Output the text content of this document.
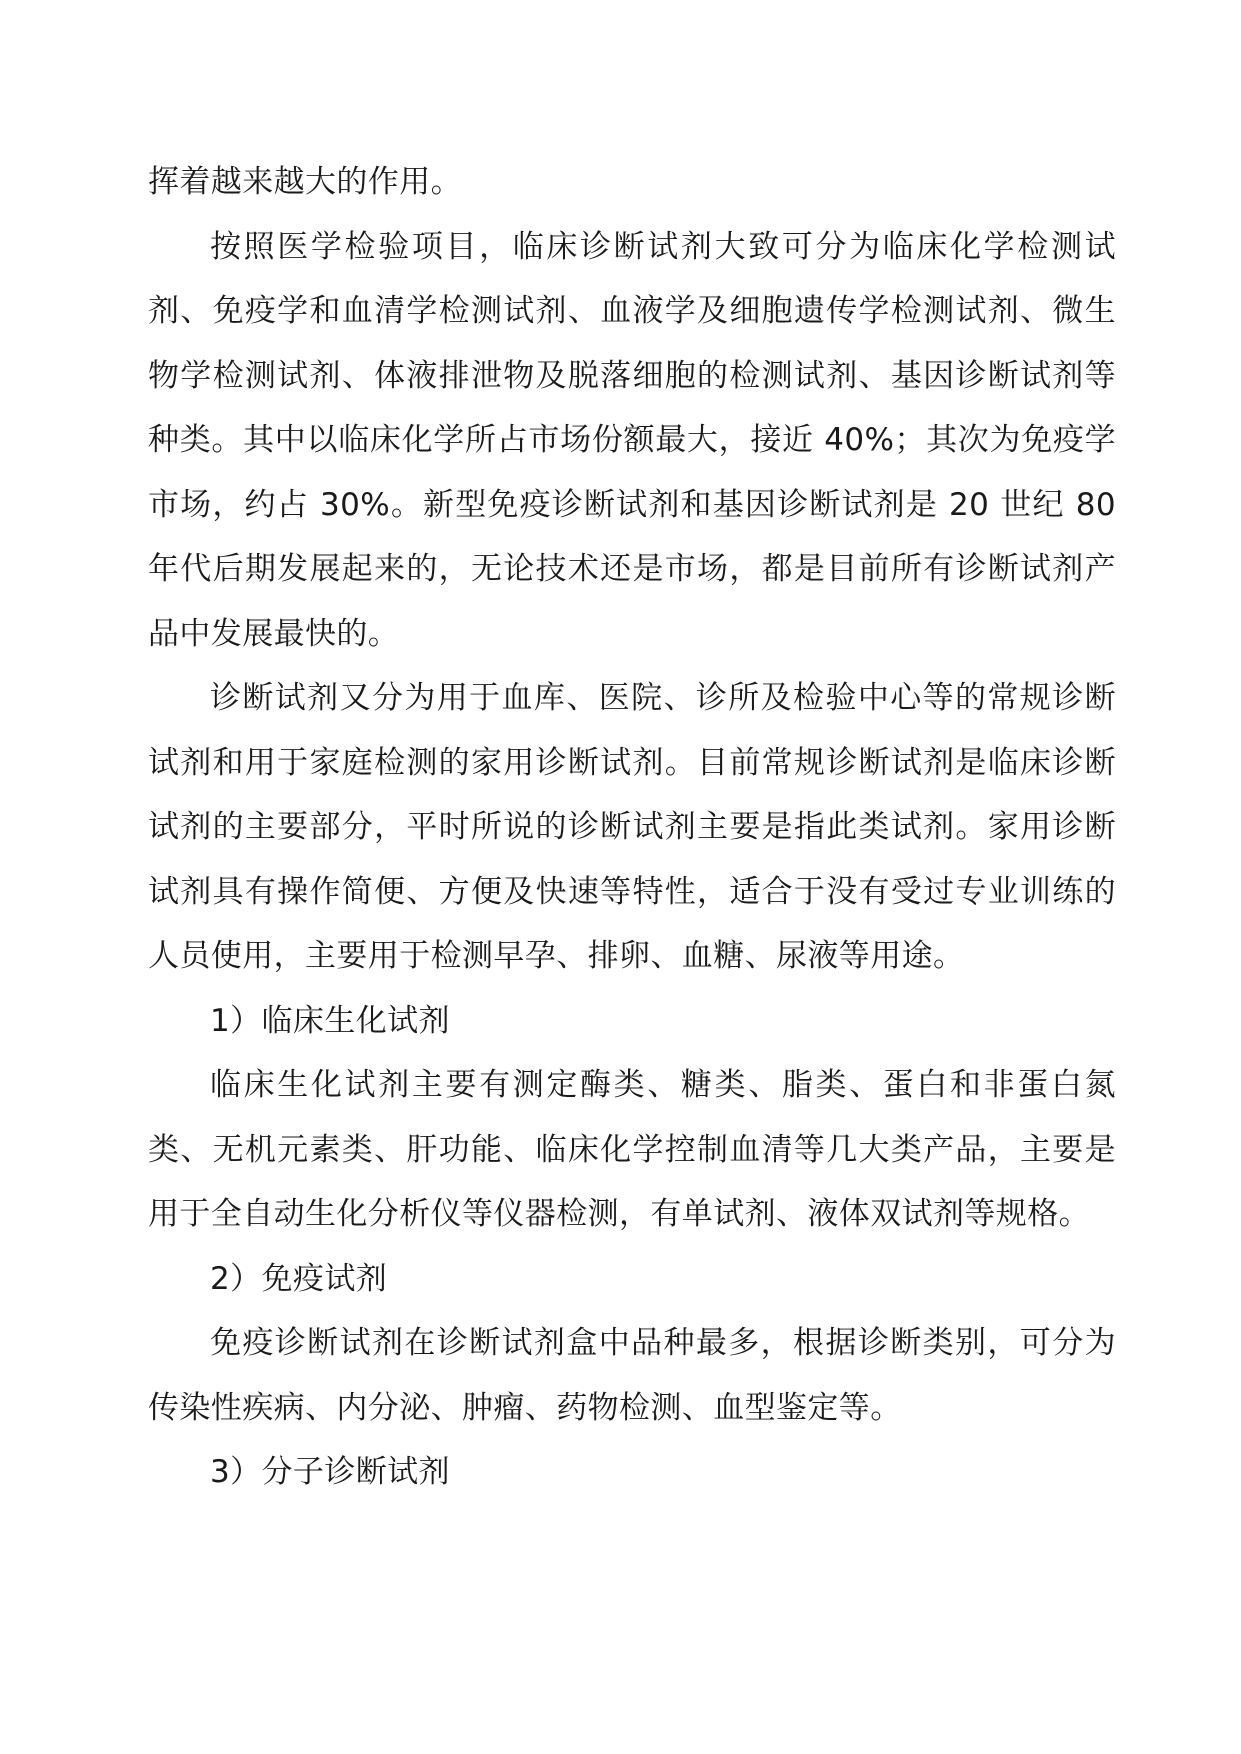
挥着越来越大的作用。

按照医学检验项目，临床诊断试剂大致可分为临床化学检测试剂、免疫学和血清学检测试剂、血液学及细胞遗传学检测试剂、微生物学检测试剂、体液排泄物及脱落细胞的检测试剂、基因诊断试剂等种类。其中以临床化学所占市场份额最大，接近 40%；其次为免疫学市场，约占 30%。新型免疫诊断试剂和基因诊断试剂是 20 世纪 80 年代后期发展起来的，无论技术还是市场，都是目前所有诊断试剂产品中发展最快的。

诊断试剂又分为用于血库、医院、诊所及检验中心等的常规诊断试剂和用于家庭检测的家用诊断试剂。目前常规诊断试剂是临床诊断试剂的主要部分，平时所说的诊断试剂主要是指此类试剂。家用诊断试剂具有操作简便、方便及快速等特性，适合于没有受过专业训练的人员使用，主要用于检测早孕、排卵、血糖、尿液等用途。

1）临床生化试剂

临床生化试剂主要有测定酶类、糖类、脂类、蛋白和非蛋白氮类、无机元素类、肝功能、临床化学控制血清等几大类产品，主要是用于全自动生化分析仪等仪器检测，有单试剂、液体双试剂等规格。

2）免疫试剂

免疫诊断试剂在诊断试剂盒中品种最多，根据诊断类别，可分为传染性疾病、内分泌、肿瘤、药物检测、血型鉴定等。

3）分子诊断试剂
